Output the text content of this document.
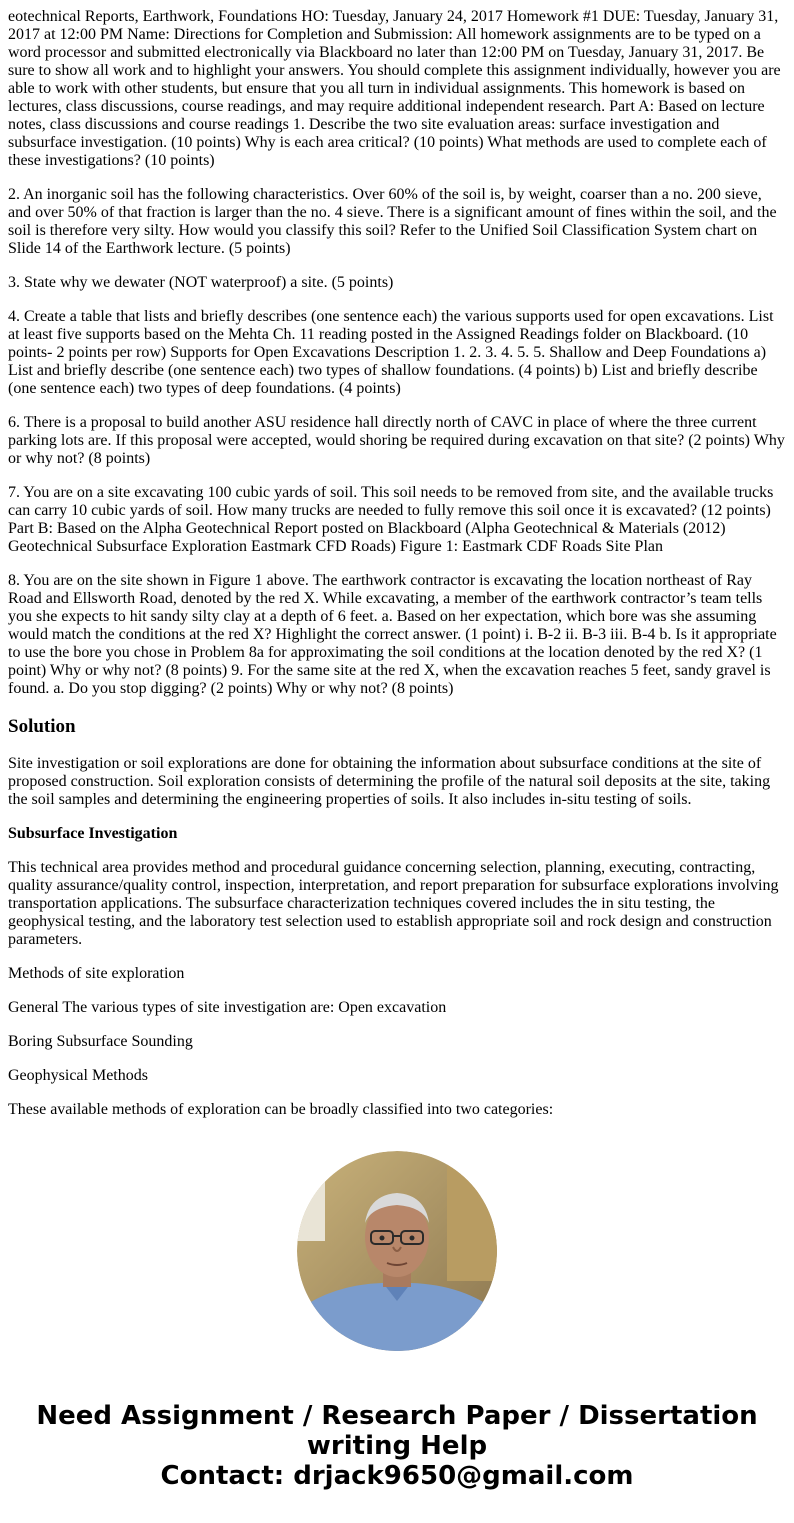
eotechnical Reports, Earthwork, Foundations HO: Tuesday, January 24, 2017 Homework #1 DUE: Tuesday, January 31, 2017 at 12:00 PM Name: Directions for Completion and Submission: All homework assignments are to be typed on a word processor and submitted electronically via Blackboard no later than 12:00 PM on Tuesday, January 31, 2017. Be sure to show all work and to highlight your answers. You should complete this assignment individually, however you are able to work with other students, but ensure that you all turn in individual assignments. This homework is based on lectures, class discussions, course readings, and may require additional independent research. Part A: Based on lecture notes, class discussions and course readings 1. Describe the two site evaluation areas: surface investigation and subsurface investigation. (10 points) Why is each area critical? (10 points) What methods are used to complete each of these investigations? (10 points)

2. An inorganic soil has the following characteristics. Over 60% of the soil is, by weight, coarser than a no. 200 sieve, and over 50% of that fraction is larger than the no. 4 sieve. There is a significant amount of fines within the soil, and the soil is therefore very silty. How would you classify this soil? Refer to the Unified Soil Classification System chart on Slide 14 of the Earthwork lecture. (5 points)

3. State why we dewater (NOT waterproof) a site. (5 points)

4. Create a table that lists and briefly describes (one sentence each) the various supports used for open excavations. List at least five supports based on the Mehta Ch. 11 reading posted in the Assigned Readings folder on Blackboard. (10 points- 2 points per row) Supports for Open Excavations Description 1. 2. 3. 4. 5. 5. Shallow and Deep Foundations a) List and briefly describe (one sentence each) two types of shallow foundations. (4 points) b) List and briefly describe (one sentence each) two types of deep foundations. (4 points)

6. There is a proposal to build another ASU residence hall directly north of CAVC in place of where the three current parking lots are. If this proposal were accepted, would shoring be required during excavation on that site? (2 points) Why or why not? (8 points)

7. You are on a site excavating 100 cubic yards of soil. This soil needs to be removed from site, and the available trucks can carry 10 cubic yards of soil. How many trucks are needed to fully remove this soil once it is excavated? (12 points) Part B: Based on the Alpha Geotechnical Report posted on Blackboard (Alpha Geotechnical & Materials (2012) Geotechnical Subsurface Exploration Eastmark CFD Roads) Figure 1: Eastmark CDF Roads Site Plan

8. You are on the site shown in Figure 1 above. The earthwork contractor is excavating the location northeast of Ray Road and Ellsworth Road, denoted by the red X. While excavating, a member of the earthwork contractor’s team tells you she expects to hit sandy silty clay at a depth of 6 feet. a. Based on her expectation, which bore was she assuming would match the conditions at the red X? Highlight the correct answer. (1 point) i. B-2 ii. B-3 iii. B-4 b. Is it appropriate to use the bore you chose in Problem 8a for approximating the soil conditions at the location denoted by the red X? (1 point) Why or why not? (8 points) 9. For the same site at the red X, when the excavation reaches 5 feet, sandy gravel is found. a. Do you stop digging? (2 points) Why or why not? (8 points)

Solution

Site investigation or soil explorations are done for obtaining the information about subsurface conditions at the site of proposed construction. Soil exploration consists of determining the profile of the natural soil deposits at the site, taking the soil samples and determining the engineering properties of soils. It also includes in-situ testing of soils.

Subsurface Investigation

This technical area provides method and procedural guidance concerning selection, planning, executing, contracting, quality assurance/quality control, inspection, interpretation, and report preparation for subsurface explorations involving transportation applications. The subsurface characterization techniques covered includes the in situ testing, the geophysical testing, and the laboratory test selection used to establish appropriate soil and rock design and construction parameters.

Methods of site exploration

General The various types of site investigation are: Open excavation

Boring Subsurface Sounding

Geophysical Methods

These available methods of exploration can be broadly classified into two categories:

Need Assignment / Research Paper / Dissertation
writing Help
Contact: drjack9650@gmail.com
